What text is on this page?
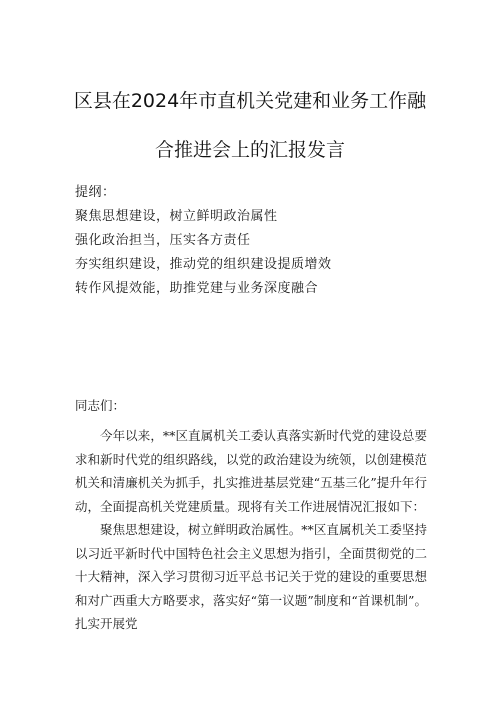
区县在2024年市直机关党建和业务工作融
合推进会上的汇报发言
提纲：
聚焦思想建设，树立鲜明政治属性
强化政治担当，压实各方责任
夯实组织建设，推动党的组织建设提质增效
转作风提效能，助推党建与业务深度融合
同志们：

今年以来，**区直属机关工委认真落实新时代党的建设总要求和新时代党的组织路线，以党的政治建设为统领，以创建模范机关和清廉机关为抓手，扎实推进基层党建“五基三化”提升年行动，全面提高机关党建质量。现将有关工作进展情况汇报如下：

聚焦思想建设，树立鲜明政治属性。**区直属机关工委坚持以习近平新时代中国特色社会主义思想为指引，全面贯彻党的二十大精神，深入学习贯彻习近平总书记关于党的建设的重要思想和对广西重大方略要求，落实好“第一议题”制度和“首课机制”。扎实开展党
